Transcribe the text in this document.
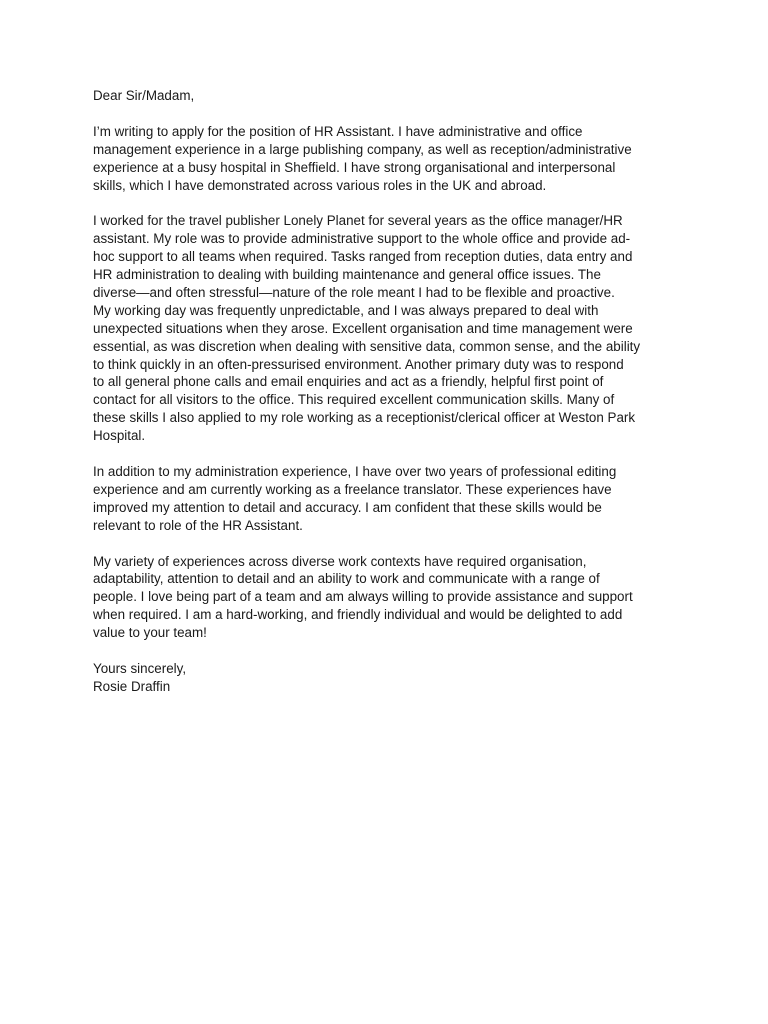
Dear Sir/Madam,

I’m writing to apply for the position of HR Assistant. I have administrative and office
management experience in a large publishing company, as well as reception/administrative
experience at a busy hospital in Sheffield. I have strong organisational and interpersonal
skills, which I have demonstrated across various roles in the UK and abroad.

I worked for the travel publisher Lonely Planet for several years as the office manager/HR
assistant. My role was to provide administrative support to the whole office and provide ad-
hoc support to all teams when required. Tasks ranged from reception duties, data entry and
HR administration to dealing with building maintenance and general office issues. The
diverse—and often stressful—nature of the role meant I had to be flexible and proactive.
My working day was frequently unpredictable, and I was always prepared to deal with
unexpected situations when they arose. Excellent organisation and time management were
essential, as was discretion when dealing with sensitive data, common sense, and the ability
to think quickly in an often-pressurised environment. Another primary duty was to respond
to all general phone calls and email enquiries and act as a friendly, helpful first point of
contact for all visitors to the office. This required excellent communication skills. Many of
these skills I also applied to my role working as a receptionist/clerical officer at Weston Park
Hospital.

In addition to my administration experience, I have over two years of professional editing
experience and am currently working as a freelance translator. These experiences have
improved my attention to detail and accuracy. I am confident that these skills would be
relevant to role of the HR Assistant.

My variety of experiences across diverse work contexts have required organisation,
adaptability, attention to detail and an ability to work and communicate with a range of
people. I love being part of a team and am always willing to provide assistance and support
when required. I am a hard-working, and friendly individual and would be delighted to add
value to your team!

Yours sincerely,
Rosie Draffin
